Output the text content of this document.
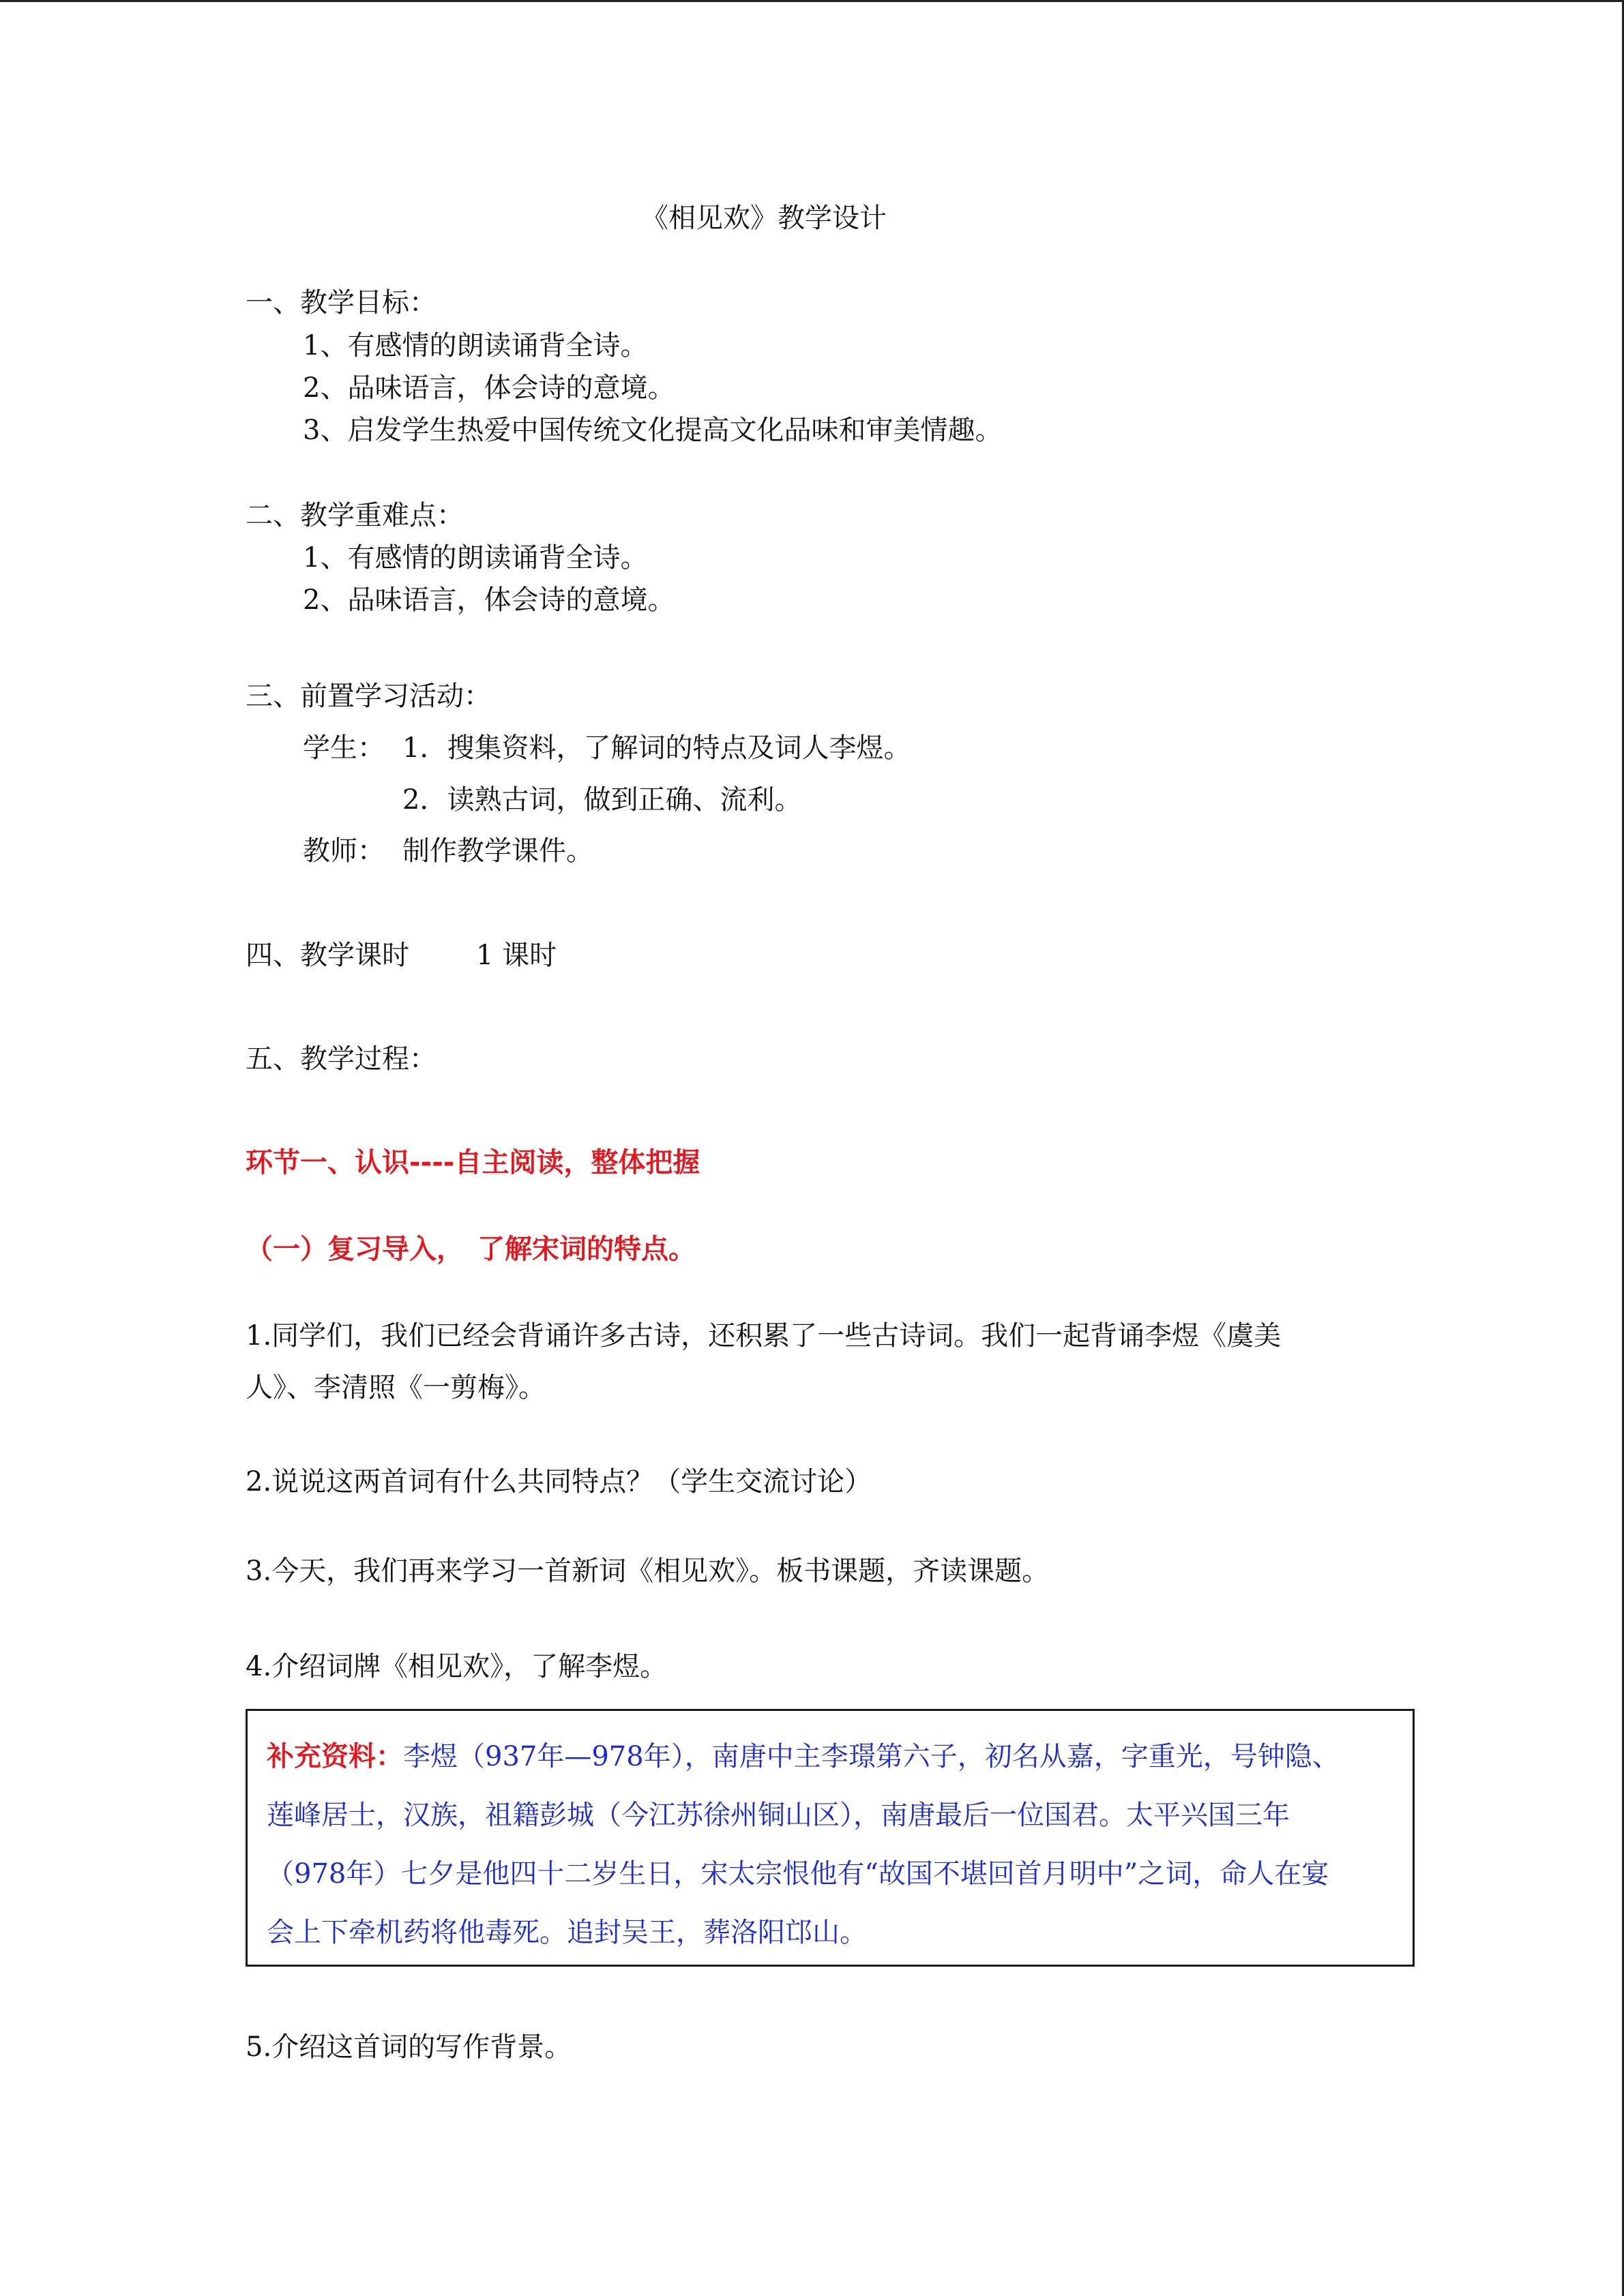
《相见欢》教学设计
一、教学目标：
1、有感情的朗读诵背全诗。
2、品味语言，体会诗的意境。
3、启发学生热爱中国传统文化提高文化品味和审美情趣。
二、教学重难点：
1、有感情的朗读诵背全诗。
2、品味语言，体会诗的意境。
三、前置学习活动：
学生： 1．搜集资料，了解词的特点及词人李煜。
2．读熟古词，做到正确、流利。
教师： 制作教学课件。
四、教学课时 1 课时
五、教学过程：
环节一、认识----自主阅读，整体把握
（一）复习导入，　了解宋词的特点。
1.同学们，我们已经会背诵许多古诗，还积累了一些古诗词。我们一起背诵李煜《虞美
人》、李清照《一剪梅》。
2.说说这两首词有什么共同特点？（学生交流讨论）
3.今天，我们再来学习一首新词《相见欢》。板书课题，齐读课题。
4.介绍词牌《相见欢》，了解李煜。
补充资料：李煜（937年—978年），南唐中主李璟第六子，初名从嘉，字重光，号钟隐、
莲峰居士，汉族，祖籍彭城（今江苏徐州铜山区），南唐最后一位国君。太平兴国三年
（978年）七夕是他四十二岁生日，宋太宗恨他有“故国不堪回首月明中”之词，命人在宴
会上下牵机药将他毒死。追封吴王，葬洛阳邙山。
5.介绍这首词的写作背景。
